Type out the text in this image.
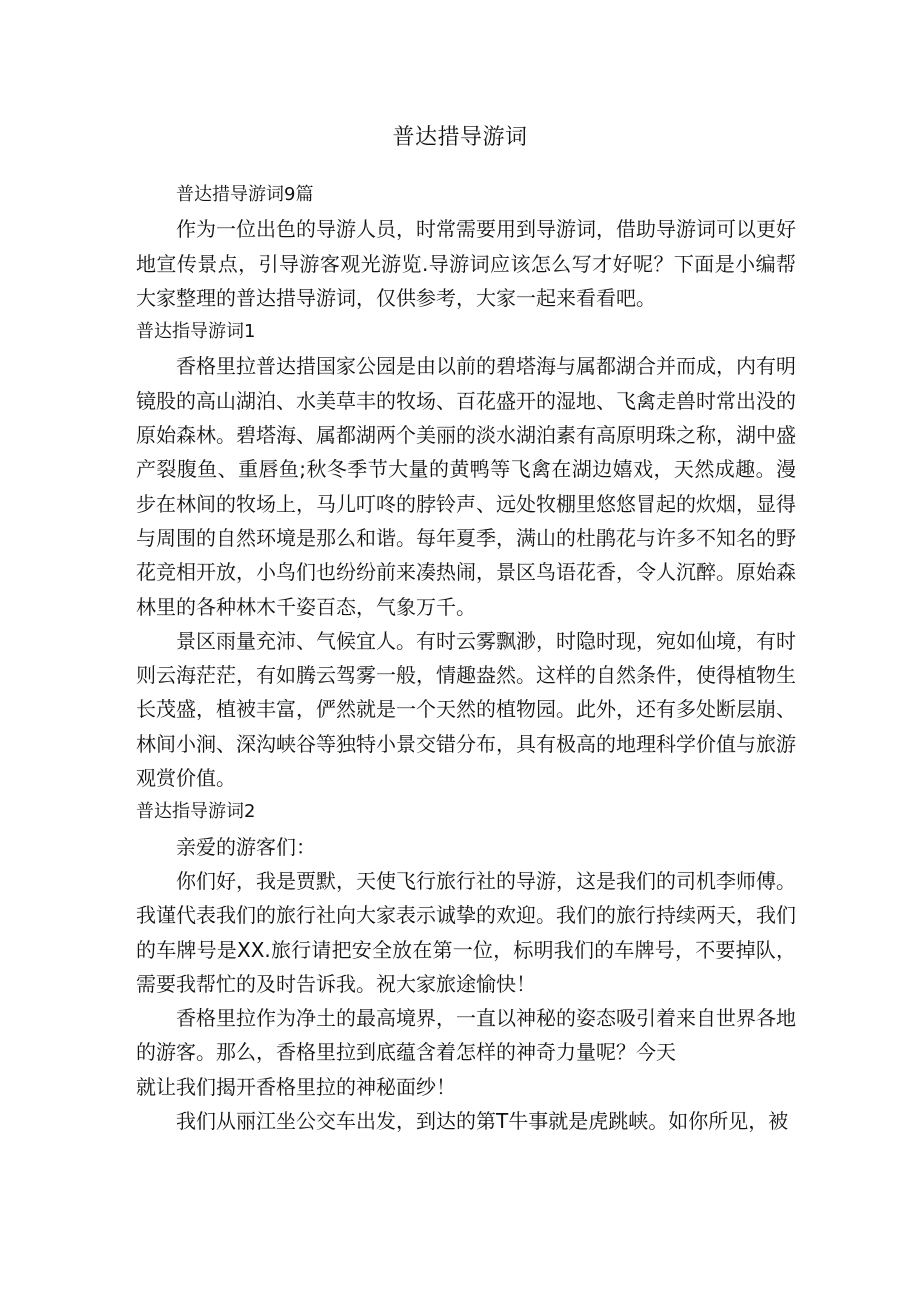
普达措导游词

普达措导游词9篇

作为一位出色的导游人员，时常需要用到导游词，借助导游词可以更好地宣传景点，引导游客观光游览.导游词应该怎么写才好呢？下面是小编帮大家整理的普达措导游词，仅供参考，大家一起来看看吧。

普达指导游词1

香格里拉普达措国家公园是由以前的碧塔海与属都湖合并而成，内有明镜股的高山湖泊、水美草丰的牧场、百花盛开的湿地、飞禽走兽时常出没的原始森林。碧塔海、属都湖两个美丽的淡水湖泊素有高原明珠之称，湖中盛产裂腹鱼、重唇鱼;秋冬季节大量的黄鸭等飞禽在湖边嬉戏，天然成趣。漫步在林间的牧场上，马儿叮咚的脖铃声、远处牧棚里悠悠冒起的炊烟，显得与周围的自然环境是那么和谐。每年夏季，满山的杜鹃花与许多不知名的野花竞相开放，小鸟们也纷纷前来凑热闹，景区鸟语花香，令人沉醉。原始森林里的各种林木千姿百态，气象万千。

景区雨量充沛、气候宜人。有时云雾飘渺，时隐时现，宛如仙境，有时则云海茫茫，有如腾云驾雾一般，情趣盎然。这样的自然条件，使得植物生长茂盛，植被丰富，俨然就是一个天然的植物园。此外，还有多处断层崩、林间小涧、深沟峡谷等独特小景交错分布，具有极高的地理科学价值与旅游观赏价值。

普达指导游词2

亲爱的游客们：

你们好，我是贾默，天使飞行旅行社的导游，这是我们的司机李师傅。我谨代表我们的旅行社向大家表示诚挚的欢迎。我们的旅行持续两天，我们的车牌号是XX.旅行请把安全放在第一位，标明我们的车牌号，不要掉队，需要我帮忙的及时告诉我。祝大家旅途愉快！

香格里拉作为净土的最高境界，一直以神秘的姿态吸引着来自世界各地的游客。那么，香格里拉到底蕴含着怎样的神奇力量呢？今天

就让我们揭开香格里拉的神秘面纱！

我们从丽江坐公交车出发，到达的第T牛事就是虎跳峡。如你所见，被
